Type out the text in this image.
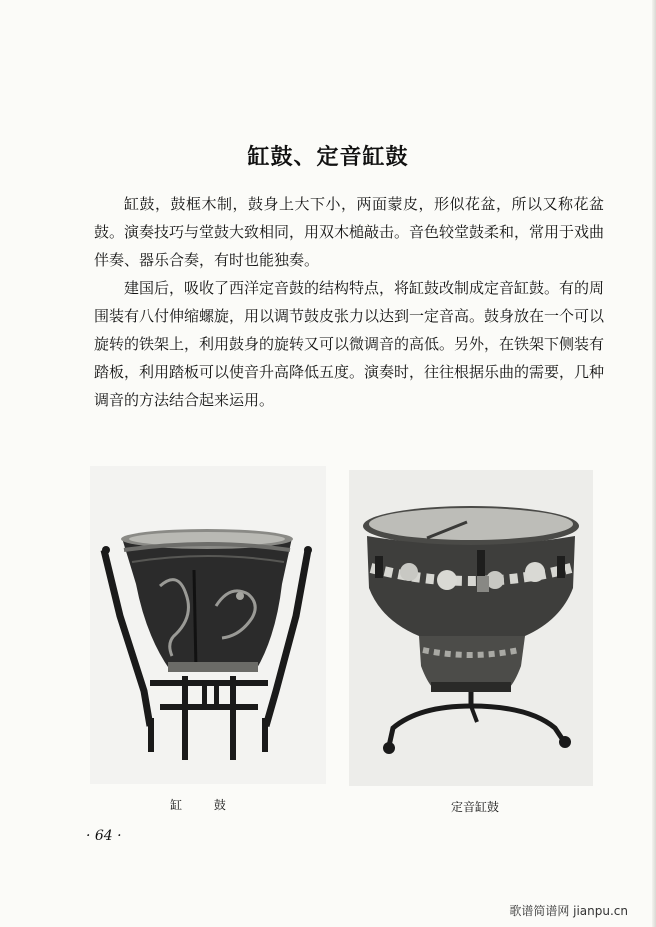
缸鼓、定音缸鼓

缸鼓，鼓框木制，鼓身上大下小，两面蒙皮，形似花盆，所以又称花盆鼓。演奏技巧与堂鼓大致相同，用双木槌敲击。音色较堂鼓柔和，常用于戏曲伴奏、器乐合奏，有时也能独奏。

建国后，吸收了西洋定音鼓的结构特点，将缸鼓改制成定音缸鼓。有的周围装有八付伸缩螺旋，用以调节鼓皮张力以达到一定音高。鼓身放在一个可以旋转的铁架上，利用鼓身的旋转又可以微调音的高低。另外，在铁架下侧装有踏板，利用踏板可以使音升高降低五度。演奏时，往往根据乐曲的需要，几种调音的方法结合起来运用。

缸 鼓	定音缸鼓
· 64 ·
歌谱简谱网 jianpu.cn
